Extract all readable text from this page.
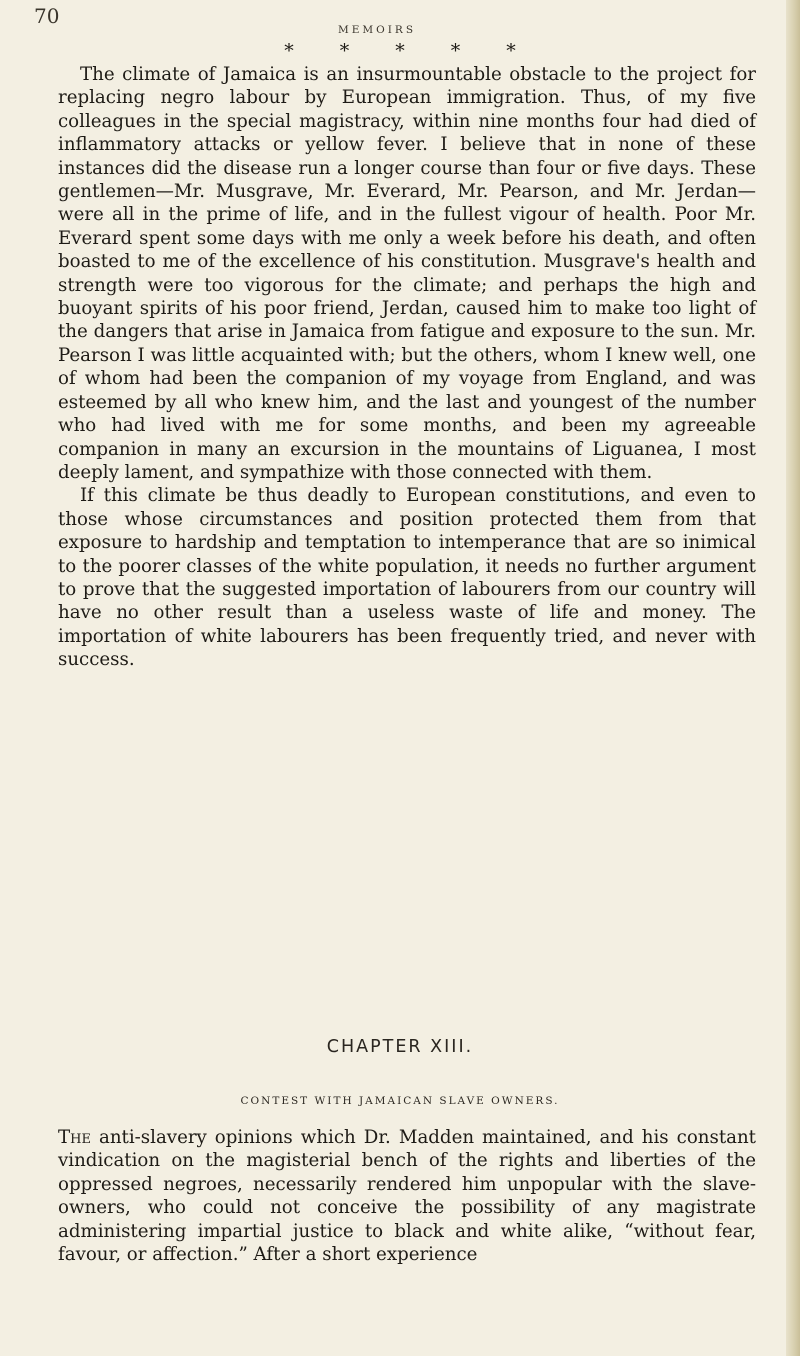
70
MEMOIRS
* * * * *

The climate of Jamaica is an insurmountable obstacle to the project for replacing negro labour by European immigration. Thus, of my five colleagues in the special magistracy, within nine months four had died of inflammatory attacks or yellow fever. I believe that in none of these instances did the disease run a longer course than four or five days. These gentlemen—Mr. Musgrave, Mr. Everard, Mr. Pearson, and Mr. Jerdan—were all in the prime of life, and in the fullest vigour of health. Poor Mr. Everard spent some days with me only a week before his death, and often boasted to me of the excellence of his constitution. Musgrave's health and strength were too vigorous for the climate; and perhaps the high and buoyant spirits of his poor friend, Jerdan, caused him to make too light of the dangers that arise in Jamaica from fatigue and exposure to the sun. Mr. Pearson I was little acquainted with; but the others, whom I knew well, one of whom had been the companion of my voyage from England, and was esteemed by all who knew him, and the last and youngest of the number who had lived with me for some months, and been my agreeable companion in many an excursion in the mountains of Liguanea, I most deeply lament, and sympathize with those connected with them.

If this climate be thus deadly to European constitutions, and even to those whose circumstances and position protected them from that exposure to hardship and temptation to intemperance that are so inimical to the poorer classes of the white population, it needs no further argument to prove that the suggested importation of labourers from our country will have no other result than a useless waste of life and money. The importation of white labourers has been frequently tried, and never with success.

CHAPTER XIII.
CONTEST WITH JAMAICAN SLAVE OWNERS.

The anti-slavery opinions which Dr. Madden maintained, and his constant vindication on the magisterial bench of the rights and liberties of the oppressed negroes, necessarily rendered him unpopular with the slave-owners, who could not conceive the possibility of any magistrate administering impartial justice to black and white alike, “without fear, favour, or affection.” After a short experience
